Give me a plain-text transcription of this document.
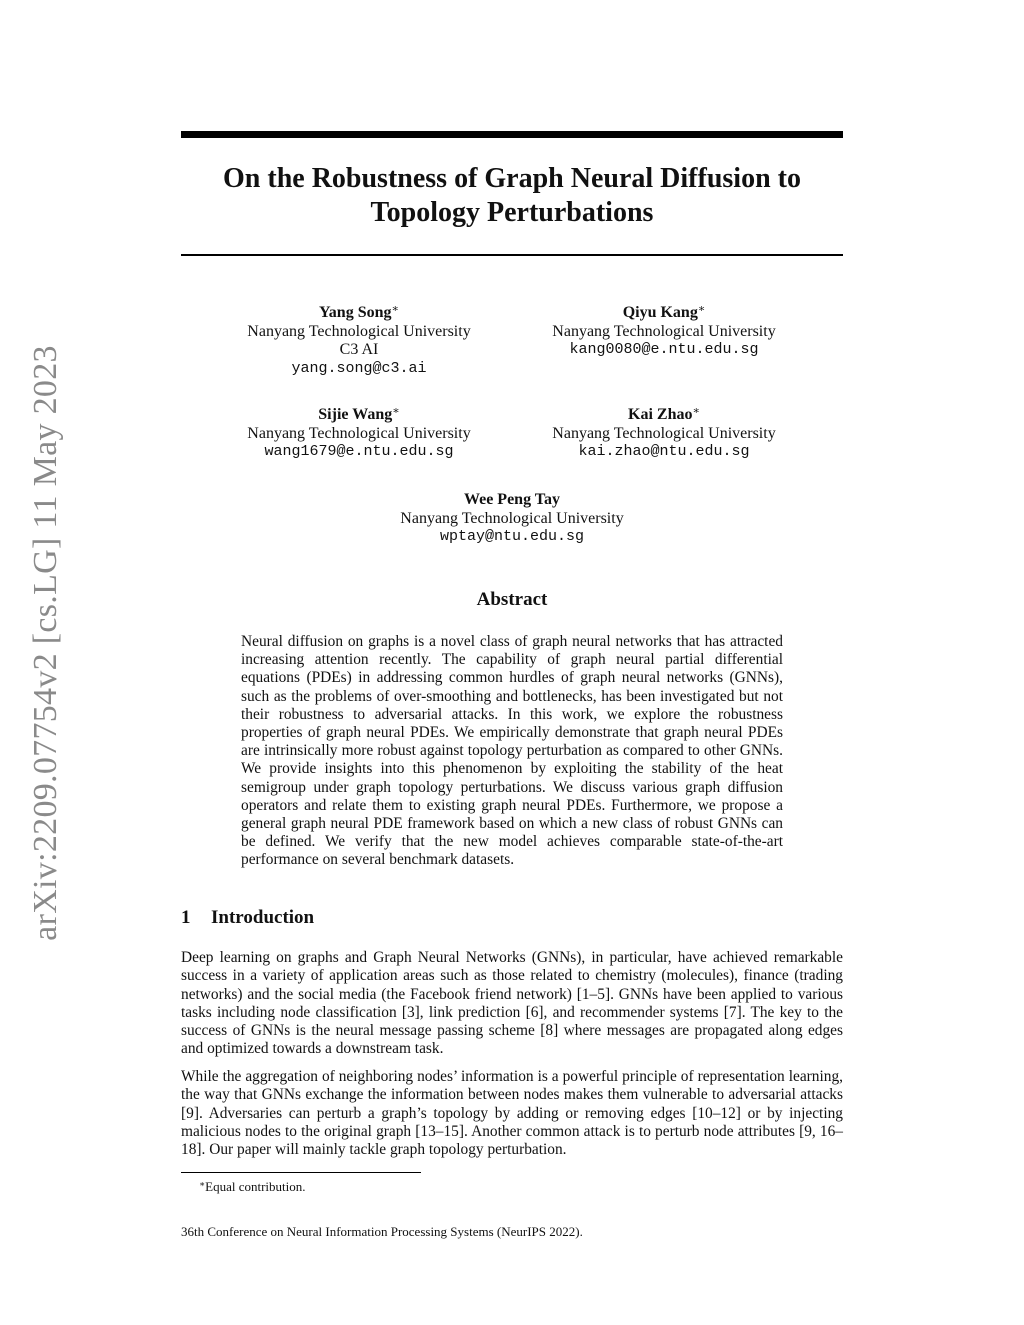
arXiv:2209.07754v2 [cs.LG] 11 May 2023
On the Robustness of Graph Neural Diffusion to
Topology Perturbations
Yang Song∗
Nanyang Technological University
C3 AI
yang.song@c3.ai
Qiyu Kang∗
Nanyang Technological University
kang0080@e.ntu.edu.sg
Sijie Wang∗
Nanyang Technological University
wang1679@e.ntu.edu.sg
Kai Zhao∗
Nanyang Technological University
kai.zhao@ntu.edu.sg
Wee Peng Tay
Nanyang Technological University
wptay@ntu.edu.sg
Abstract
Neural diffusion on graphs is a novel class of graph neural networks that has attracted increasing attention recently. The capability of graph neural partial differential equations (PDEs) in addressing common hurdles of graph neural networks (GNNs), such as the problems of over-smoothing and bottlenecks, has been investigated but not their robustness to adversarial attacks. In this work, we explore the robustness properties of graph neural PDEs. We empirically demonstrate that graph neural PDEs are intrinsically more robust against topology perturbation as compared to other GNNs. We provide insights into this phenomenon by exploiting the stability of the heat semigroup under graph topology perturbations. We discuss various graph diffusion operators and relate them to existing graph neural PDEs. Furthermore, we propose a general graph neural PDE framework based on which a new class of robust GNNs can be defined. We verify that the new model achieves comparable state-of-the-art performance on several benchmark datasets.
1 Introduction
Deep learning on graphs and Graph Neural Networks (GNNs), in particular, have achieved remarkable success in a variety of application areas such as those related to chemistry (molecules), finance (trading networks) and the social media (the Facebook friend network) [1–5]. GNNs have been applied to various tasks including node classification [3], link prediction [6], and recommender systems [7]. The key to the success of GNNs is the neural message passing scheme [8] where messages are propagated along edges and optimized towards a downstream task.
While the aggregation of neighboring nodes’ information is a powerful principle of representation learning, the way that GNNs exchange the information between nodes makes them vulnerable to adversarial attacks [9]. Adversaries can perturb a graph’s topology by adding or removing edges [10–12] or by injecting malicious nodes to the original graph [13–15]. Another common attack is to perturb node attributes [9, 16–18]. Our paper will mainly tackle graph topology perturbation.
∗Equal contribution.
36th Conference on Neural Information Processing Systems (NeurIPS 2022).
